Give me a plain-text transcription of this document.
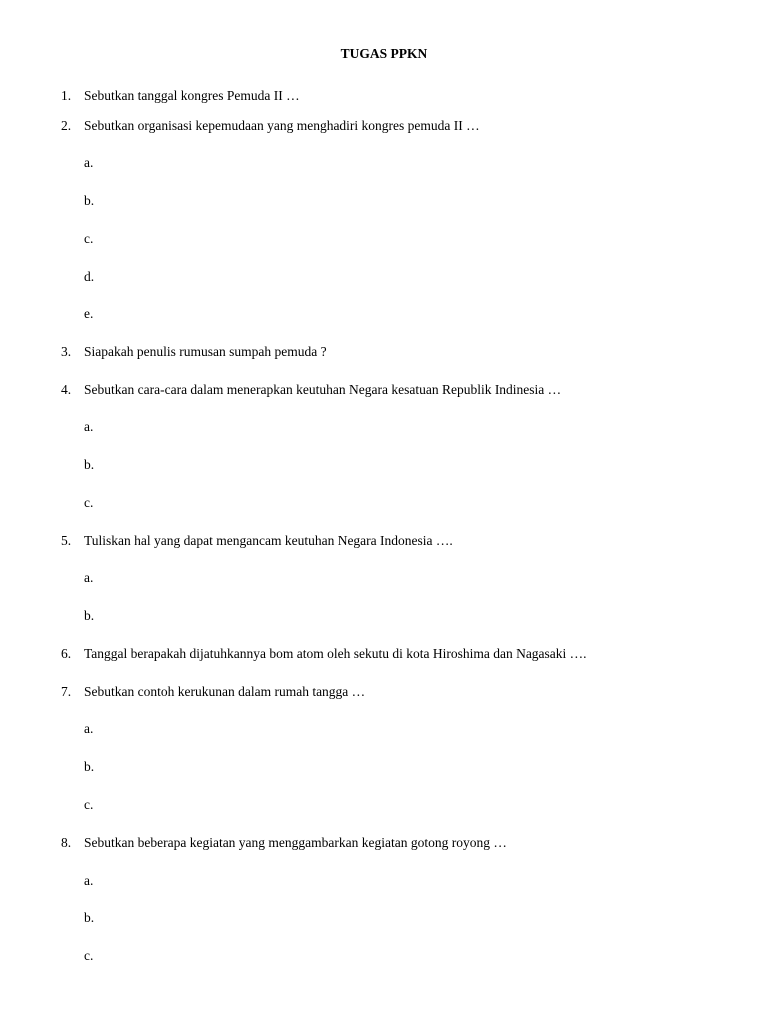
TUGAS PPKN
1. Sebutkan tanggal kongres Pemuda II …
2. Sebutkan organisasi kepemudaan yang menghadiri kongres pemuda II …
a.
b.
c.
d.
e.
3. Siapakah penulis rumusan sumpah pemuda ?
4. Sebutkan cara-cara dalam menerapkan keutuhan Negara kesatuan Republik Indinesia …
a.
b.
c.
5. Tuliskan hal yang dapat mengancam keutuhan Negara Indonesia ….
a.
b.
6. Tanggal berapakah dijatuhkannya bom atom oleh sekutu di kota Hiroshima dan Nagasaki ….
7. Sebutkan contoh kerukunan dalam rumah tangga …
a.
b.
c.
8. Sebutkan beberapa kegiatan yang menggambarkan kegiatan gotong royong …
a.
b.
c.
